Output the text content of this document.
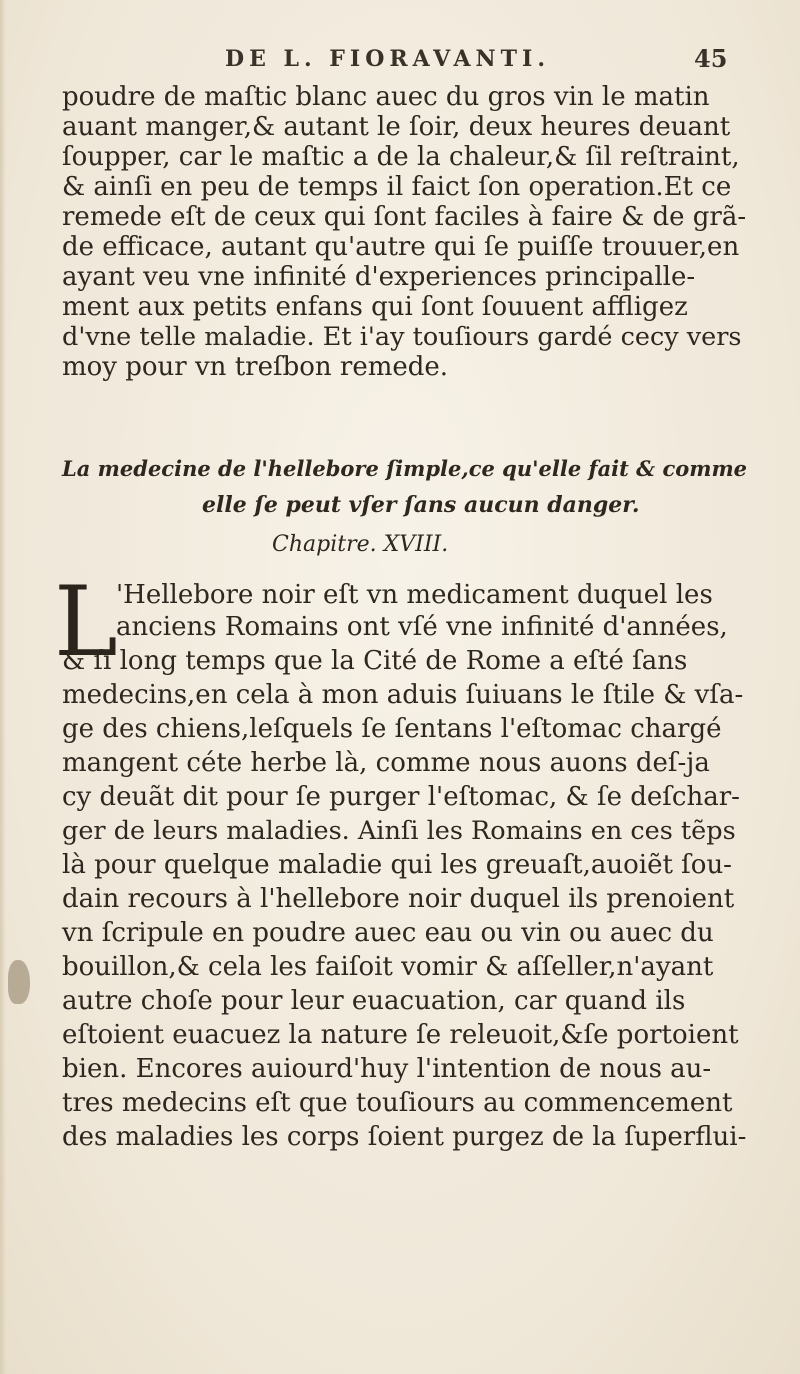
DE L. FIORAVANTI.	45
poudre de maſtic blanc auec du gros vin le matin
auant manger,& autant le ſoir, deux heures deuant
ſoupper, car le maſtic a de la chaleur,& ſil reſtraint,
& ainſi en peu de temps il faict ſon operation.Et ce
remede eſt de ceux qui ſont faciles à faire & de grã-
de efficace, autant qu'autre qui ſe puiſſe trouuer,en
ayant veu vne infinité d'experiences principalle-
ment aux petits enfans qui ſont ſouuent affligez
d'vne telle maladie. Et i'ay touſiours gardé cecy vers
moy pour vn treſbon remede.
La medecine de l'hellebore ſimple,ce qu'elle fait & comme
elle ſe peut vſer ſans aucun danger.
Chapitre. XVIII.
L
'Hellebore noir eſt vn medicament duquel les
anciens Romains ont vſé vne infinité d'années,
& ſi long temps que la Cité de Rome a eſté ſans
medecins,en cela à mon aduis ſuiuans le ſtile & vſa-
ge des chiens,leſquels ſe ſentans l'eſtomac chargé
mangent céte herbe là, comme nous auons deſ-ja
cy deuãt dit pour ſe purger l'eſtomac, & ſe deſchar-
ger de leurs maladies. Ainſi les Romains en ces tẽps
là pour quelque maladie qui les greuaſt,auoiẽt ſou-
dain recours à l'hellebore noir duquel ils prenoient
vn ſcripule en poudre auec eau ou vin ou auec du
bouillon,& cela les faiſoit vomir & aſſeller,n'ayant
autre choſe pour leur euacuation, car quand ils
eſtoient euacuez la nature ſe releuoit,&ſe portoient
bien. Encores auiourd'huy l'intention de nous au-
tres medecins eſt que touſiours au commencement
des maladies les corps ſoient purgez de la ſuperflui-
